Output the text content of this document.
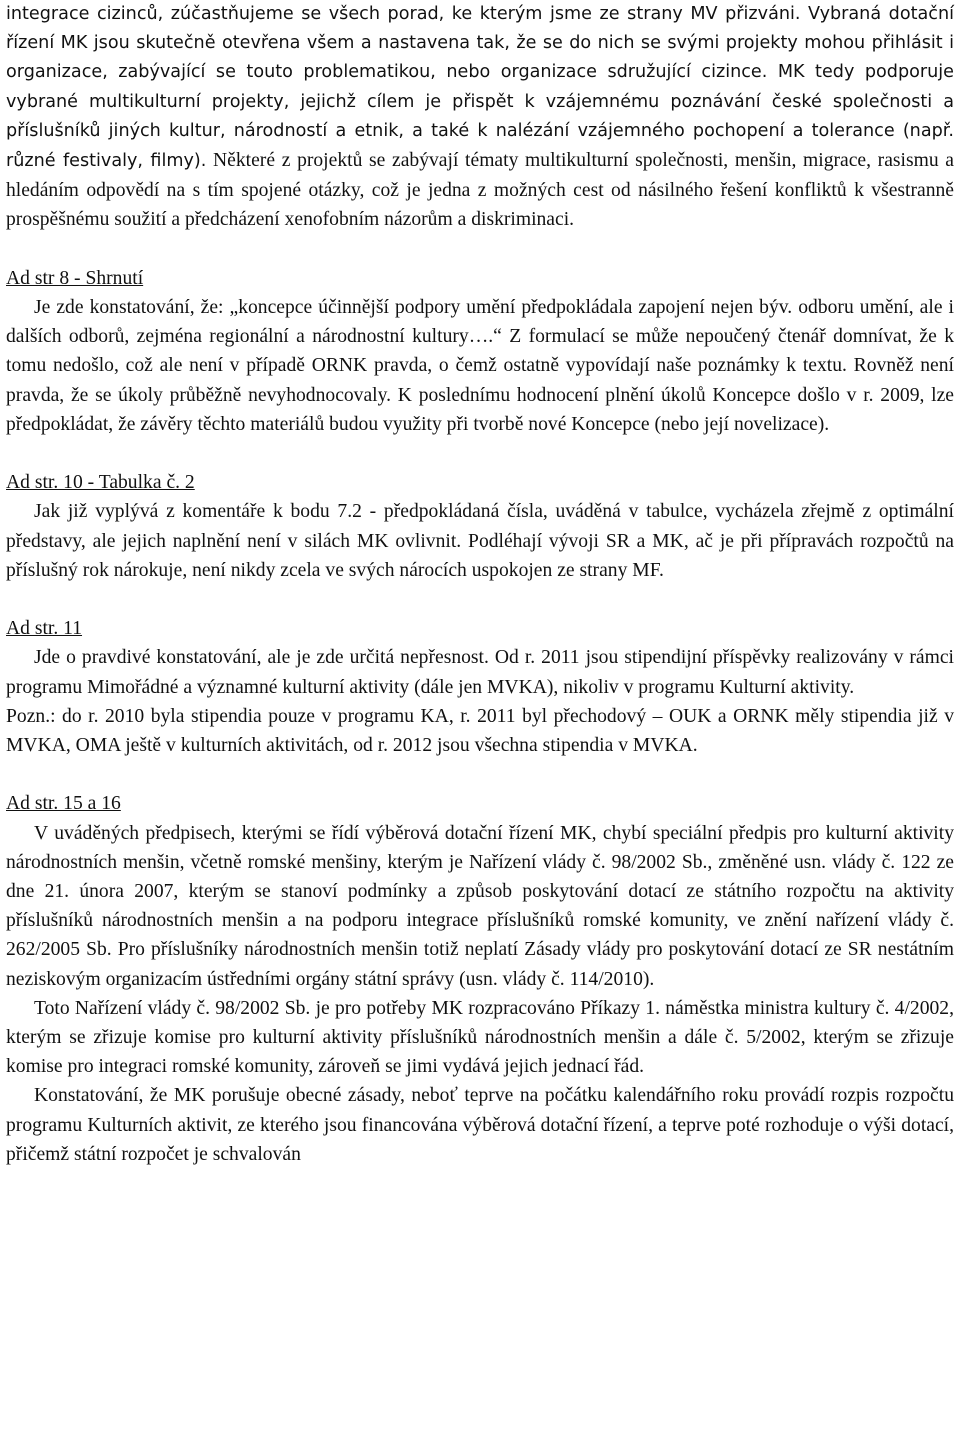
integrace cizinců, zúčastňujeme se všech porad, ke kterým jsme ze strany MV přizváni. Vybraná dotační řízení MK jsou skutečně otevřena všem a nastavena tak, že se do nich se svými projekty mohou přihlásit i organizace, zabývající se touto problematikou, nebo organizace sdružující cizince. MK tedy podporuje vybrané multikulturní projekty, jejichž cílem je přispět k vzájemnému poznávání české společnosti a příslušníků jiných kultur, národností a etnik, a také k nalézání vzájemného pochopení a tolerance (např. různé festivaly, filmy). Některé z projektů se zabývají tématy multikulturní společnosti, menšin, migrace, rasismu a hledáním odpovědí na s tím spojené otázky, což je jedna z možných cest od násilného řešení konfliktů k všestranně prospěšnému soužití a předcházení xenofobním názorům a diskriminaci.

Ad str 8 - Shrnutí

Je zde konstatování, že: „koncepce účinnější podpory umění předpokládala zapojení nejen býv. odboru umění, ale i dalších odborů, zejména regionální a národnostní kultury….“ Z formulací se může nepoučený čtenář domnívat, že k tomu nedošlo, což ale není v případě ORNK pravda, o čemž ostatně vypovídají naše poznámky k textu. Rovněž není pravda, že se úkoly průběžně nevyhodnocovaly. K poslednímu hodnocení plnění úkolů Koncepce došlo v r. 2009, lze předpokládat, že závěry těchto materiálů budou využity při tvorbě nové Koncepce (nebo její novelizace).

Ad str. 10 - Tabulka č. 2

Jak již vyplývá z komentáře k bodu 7.2 - předpokládaná čísla, uváděná v tabulce, vycházela zřejmě z optimální představy, ale jejich naplnění není v silách MK ovlivnit. Podléhají vývoji SR a MK, ač je při přípravách rozpočtů na příslušný rok nárokuje, není nikdy zcela ve svých nárocích uspokojen ze strany MF.

Ad str. 11

Jde o pravdivé konstatování, ale je zde určitá nepřesnost. Od r. 2011 jsou stipendijní příspěvky realizovány v rámci programu Mimořádné a významné kulturní aktivity (dále jen MVKA), nikoliv v programu Kulturní aktivity.

Pozn.: do r. 2010 byla stipendia pouze v programu KA, r. 2011 byl přechodový – OUK a ORNK měly stipendia již v MVKA, OMA ještě v kulturních aktivitách, od r. 2012 jsou všechna stipendia v MVKA.

Ad str. 15 a 16

V uváděných předpisech, kterými se řídí výběrová dotační řízení MK, chybí speciální předpis pro kulturní aktivity národnostních menšin, včetně romské menšiny, kterým je Nařízení vlády č. 98/2002 Sb., změněné usn. vlády č. 122 ze dne 21. února 2007, kterým se stanoví podmínky a způsob poskytování dotací ze státního rozpočtu na aktivity příslušníků národnostních menšin a na podporu integrace příslušníků romské komunity, ve znění nařízení vlády č. 262/2005 Sb. Pro příslušníky národnostních menšin totiž neplatí Zásady vlády pro poskytování dotací ze SR nestátním neziskovým organizacím ústředními orgány státní správy (usn. vlády č. 114/2010).

Toto Nařízení vlády č. 98/2002 Sb. je pro potřeby MK rozpracováno Příkazy 1. náměstka ministra kultury č. 4/2002, kterým se zřizuje komise pro kulturní aktivity příslušníků národnostních menšin a dále č. 5/2002, kterým se zřizuje komise pro integraci romské komunity, zároveň se jimi vydává jejich jednací řád.

Konstatování, že MK porušuje obecné zásady, neboť teprve na počátku kalendářního roku provádí rozpis rozpočtu programu Kulturních aktivit, ze kterého jsou financována výběrová dotační řízení, a teprve poté rozhoduje o výši dotací, přičemž státní rozpočet je schvalován
